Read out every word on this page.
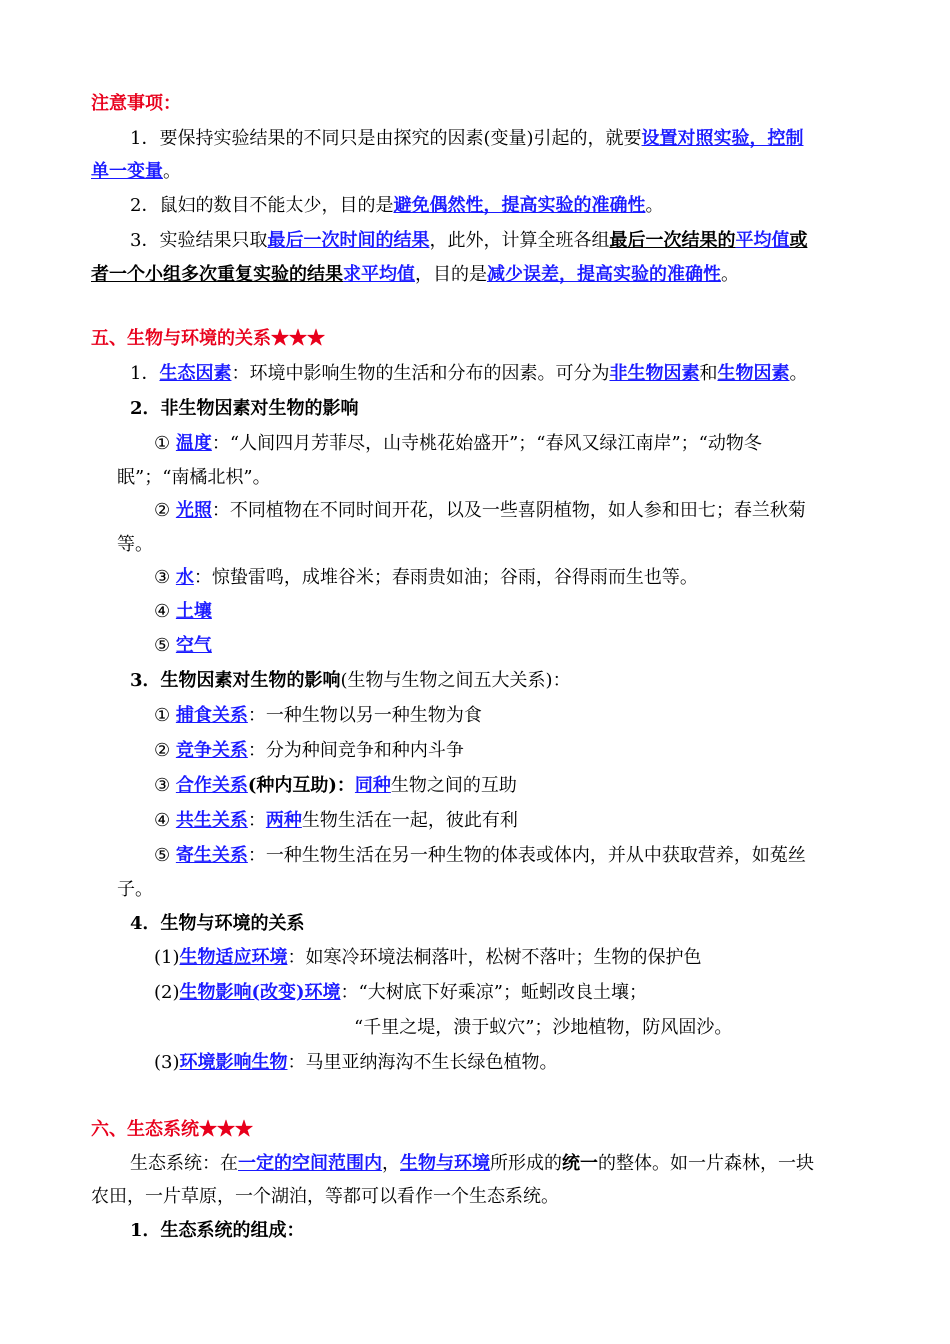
注意事项：
1．要保持实验结果的不同只是由探究的因素(变量)引起的，就要设置对照实验，控制
单一变量。
2．鼠妇的数目不能太少，目的是避免偶然性，提高实验的准确性。
3．实验结果只取最后一次时间的结果，此外，计算全班各组最后一次结果的平均值或
者一个小组多次重复实验的结果求平均值，目的是减少误差，提高实验的准确性。
五、生物与环境的关系★★★
1．生态因素：环境中影响生物的生活和分布的因素。可分为非生物因素和生物因素。
2．非生物因素对生物的影响
① 温度：“人间四月芳菲尽，山寺桃花始盛开”；“春风又绿江南岸”；“动物冬
眠”；“南橘北枳”。
② 光照：不同植物在不同时间开花，以及一些喜阴植物，如人参和田七；春兰秋菊
等。
③ 水：惊蛰雷鸣，成堆谷米；春雨贵如油；谷雨，谷得雨而生也等。
④ 土壤
⑤ 空气
3．生物因素对生物的影响(生物与生物之间五大关系)：
① 捕食关系：一种生物以另一种生物为食
② 竞争关系：分为种间竞争和种内斗争
③ 合作关系(种内互助)：同种生物之间的互助
④ 共生关系：两种生物生活在一起，彼此有利
⑤ 寄生关系：一种生物生活在另一种生物的体表或体内，并从中获取营养，如菟丝
子。
4．生物与环境的关系
(1)生物适应环境：如寒冷环境法桐落叶，松树不落叶；生物的保护色
(2)生物影响(改变)环境：“大树底下好乘凉”；蚯蚓改良土壤；
“千里之堤，溃于蚁穴”；沙地植物，防风固沙。
(3)环境影响生物：马里亚纳海沟不生长绿色植物。
六、生态系统★★★
生态系统：在一定的空间范围内，生物与环境所形成的统一的整体。如一片森林，一块
农田，一片草原，一个湖泊，等都可以看作一个生态系统。
1．生态系统的组成：
